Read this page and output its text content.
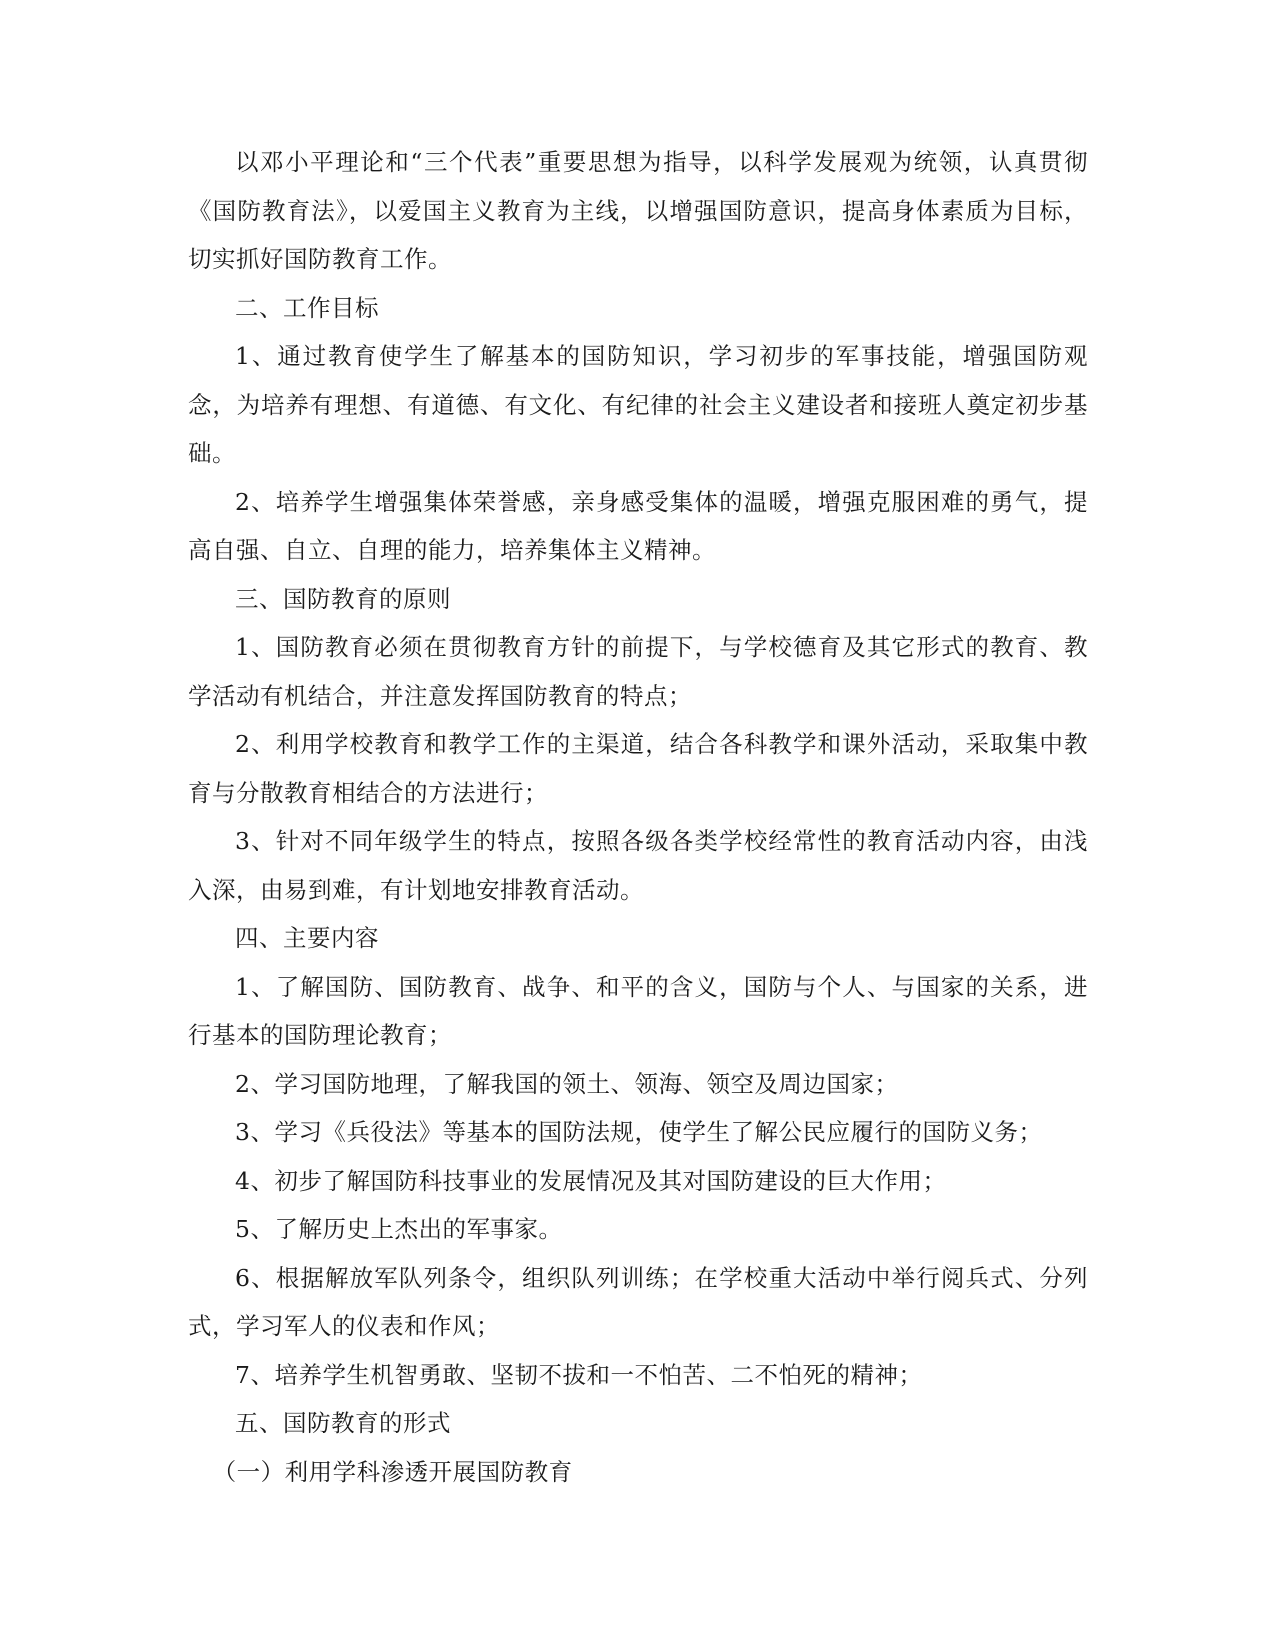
以邓小平理论和“三个代表”重要思想为指导，以科学发展观为统领，认真贯彻《国防教育法》，以爱国主义教育为主线，以增强国防意识，提高身体素质为目标，切实抓好国防教育工作。

二、工作目标

1、通过教育使学生了解基本的国防知识，学习初步的军事技能，增强国防观念，为培养有理想、有道德、有文化、有纪律的社会主义建设者和接班人奠定初步基础。

2、培养学生增强集体荣誉感，亲身感受集体的温暖，增强克服困难的勇气，提高自强、自立、自理的能力，培养集体主义精神。

三、国防教育的原则

1、国防教育必须在贯彻教育方针的前提下，与学校德育及其它形式的教育、教学活动有机结合，并注意发挥国防教育的特点；

2、利用学校教育和教学工作的主渠道，结合各科教学和课外活动，采取集中教育与分散教育相结合的方法进行；

3、针对不同年级学生的特点，按照各级各类学校经常性的教育活动内容，由浅入深，由易到难，有计划地安排教育活动。

四、主要内容

1、了解国防、国防教育、战争、和平的含义，国防与个人、与国家的关系，进行基本的国防理论教育；

2、学习国防地理，了解我国的领土、领海、领空及周边国家；

3、学习《兵役法》等基本的国防法规，使学生了解公民应履行的国防义务；

4、初步了解国防科技事业的发展情况及其对国防建设的巨大作用；

5、了解历史上杰出的军事家。

6、根据解放军队列条令，组织队列训练；在学校重大活动中举行阅兵式、分列式，学习军人的仪表和作风；

7、培养学生机智勇敢、坚韧不拔和一不怕苦、二不怕死的精神；

五、国防教育的形式

（一）利用学科渗透开展国防教育
